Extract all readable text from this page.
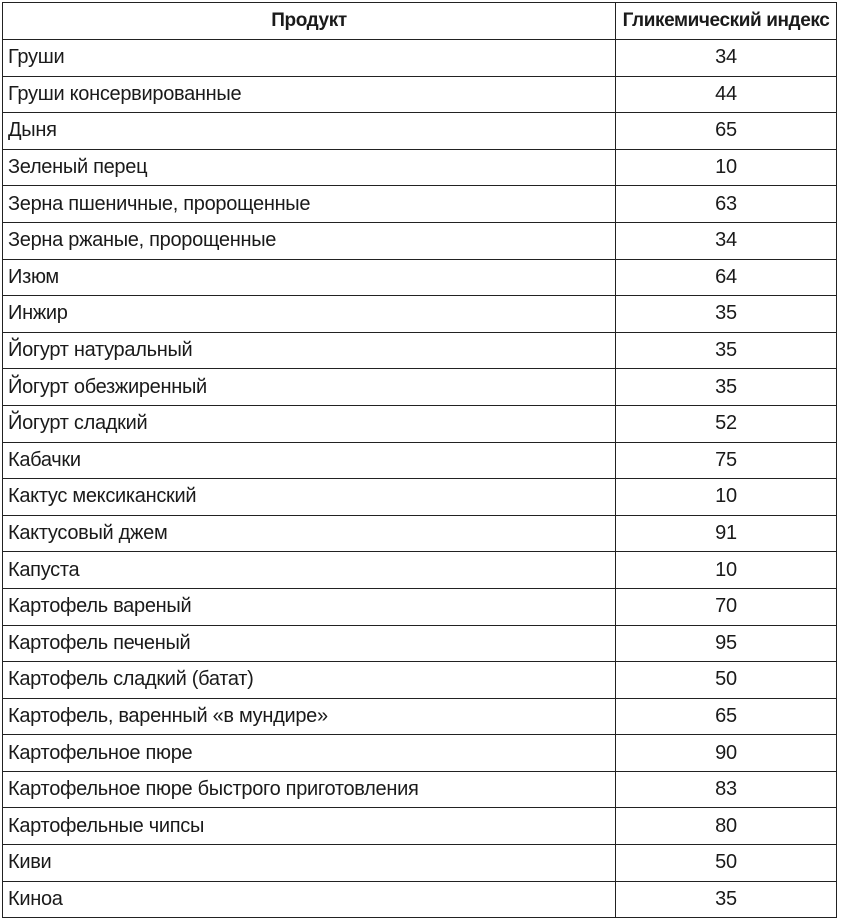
Продукт	Гликемический индекс
Груши	34
Груши консервированные	44
Дыня	65
Зеленый перец	10
Зерна пшеничные, пророщенные	63
Зерна ржаные, пророщенные	34
Изюм	64
Инжир	35
Йогурт натуральный	35
Йогурт обезжиренный	35
Йогурт сладкий	52
Кабачки	75
Кактус мексиканский	10
Кактусовый джем	91
Капуста	10
Картофель вареный	70
Картофель печеный	95
Картофель сладкий (батат)	50
Картофель, варенный «в мундире»	65
Картофельное пюре	90
Картофельное пюре быстрого приготовления	83
Картофельные чипсы	80
Киви	50
Киноа	35
